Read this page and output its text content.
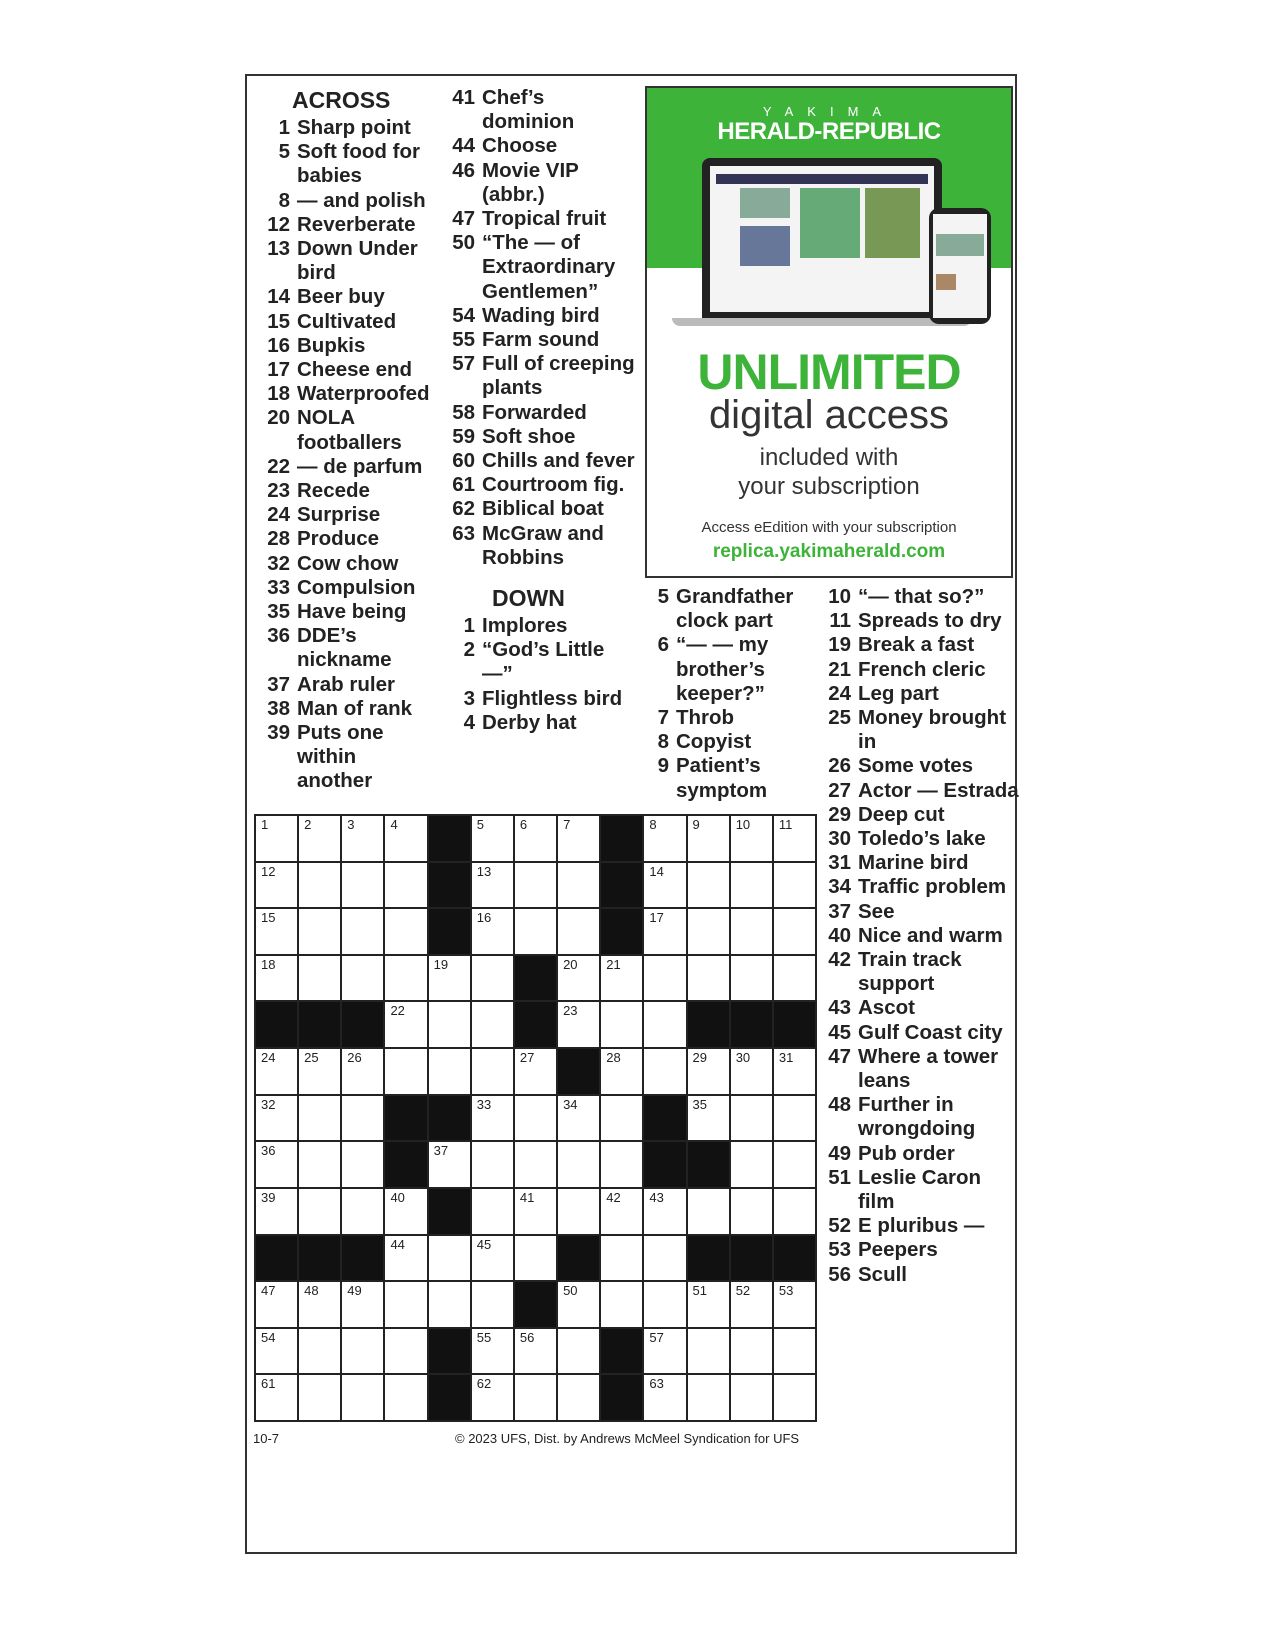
ACROSS
1 Sharp point
5 Soft food for babies
8 — and polish
12 Reverberate
13 Down Under bird
14 Beer buy
15 Cultivated
16 Bupkis
17 Cheese end
18 Waterproofed
20 NOLA footballers
22 — de parfum
23 Recede
24 Surprise
28 Produce
32 Cow chow
33 Compulsion
35 Have being
36 DDE’s nickname
37 Arab ruler
38 Man of rank
39 Puts one within another
41 Chef’s dominion
44 Choose
46 Movie VIP (abbr.)
47 Tropical fruit
50 “The — of Extraordinary Gentlemen”
54 Wading bird
55 Farm sound
57 Full of creeping plants
58 Forwarded
59 Soft shoe
60 Chills and fever
61 Courtroom fig.
62 Biblical boat
63 McGraw and Robbins
DOWN
1 Implores
2 “God’s Little —”
3 Flightless bird
4 Derby hat
YAKIMA
HERALD-REPUBLIC
UNLIMITED
digital access
included with
your subscription
Access eEdition with your subscription
replica.yakimaherald.com
5 Grandfather clock part
6 “— — my brother’s keeper?”
7 Throb
8 Copyist
9 Patient’s symptom
10 “— that so?”
11 Spreads to dry
19 Break a fast
21 French cleric
24 Leg part
25 Money brought in
26 Some votes
27 Actor — Estrada
29 Deep cut
30 Toledo’s lake
31 Marine bird
34 Traffic problem
37 See
40 Nice and warm
42 Train track support
43 Ascot
45 Gulf Coast city
47 Where a tower leans
48 Further in wrongdoing
49 Pub order
51 Leslie Caron film
52 E pluribus —
53 Peepers
56 Scull
1	2	3	4	5	6	7	8	9	10 11
12	13	14
15	16	17
18	19	20 21
22	23
24 25 26	27	28	29 30 31
32	33	34	35
36	37
39	40	41	42 43
44	45
47 48 49	50	51 52 53
54	55 56	57
61	62	63
10-7	© 2023 UFS, Dist. by Andrews McMeel Syndication for UFS
